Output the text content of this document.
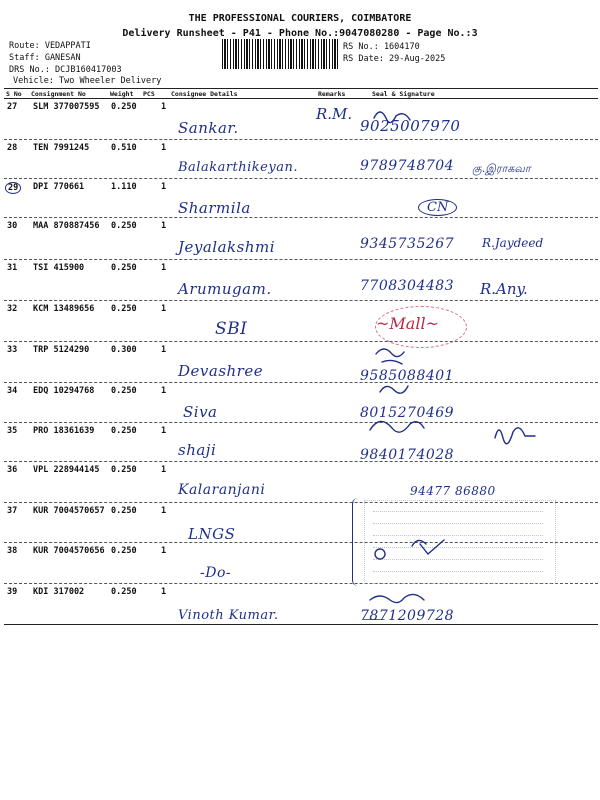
THE PROFESSIONAL COURIERS, COIMBATORE
Delivery Runsheet - P41 - Phone No.:9047080280 - Page No.:3
Route: VEDAPPATI
Staff: GANESAN
DRS No.: DCJB160417003
Vehicle: Two Wheeler Delivery
RS No.: 1604170
RS Date: 29-Aug-2025
S No Consignment No	Weight PCS	Consignee Details	Remarks	Seal & Signature
27 SLM 377007595 0.250	1
Sankar.
R.M.
9025007970
28 TEN 7991245	0.510	1
Balakarthikeyan.	9789748704 கு.இராகவா
29	DPI 770661	1.110	1
Sharmila	CN
30 MAA 870887456 0.250	1
Jeyalakshmi	9345735267 R.Jaydeed
31 TSI 415900	0.250	1
Arumugam.	7708304483 R.Any.
32 KCM 13489656 0.250	1
SBI	~Mall~
33 TRP 5124290	0.300	1
Devashree	9585088401
34 EDQ 10294768 0.250	1
Siva	8015270469
35 PRO 18361639 0.250	1
shaji	9840174028
36 VPL 228944145 0.250	1
Kalaranjani	94477 86880
37 KUR 7004570657 0.250	1
LNGS
38 KUR 7004570656 0.250	1
-Do-
39 KDI 317002	0.250	1
Vinoth Kumar.	7871209728
